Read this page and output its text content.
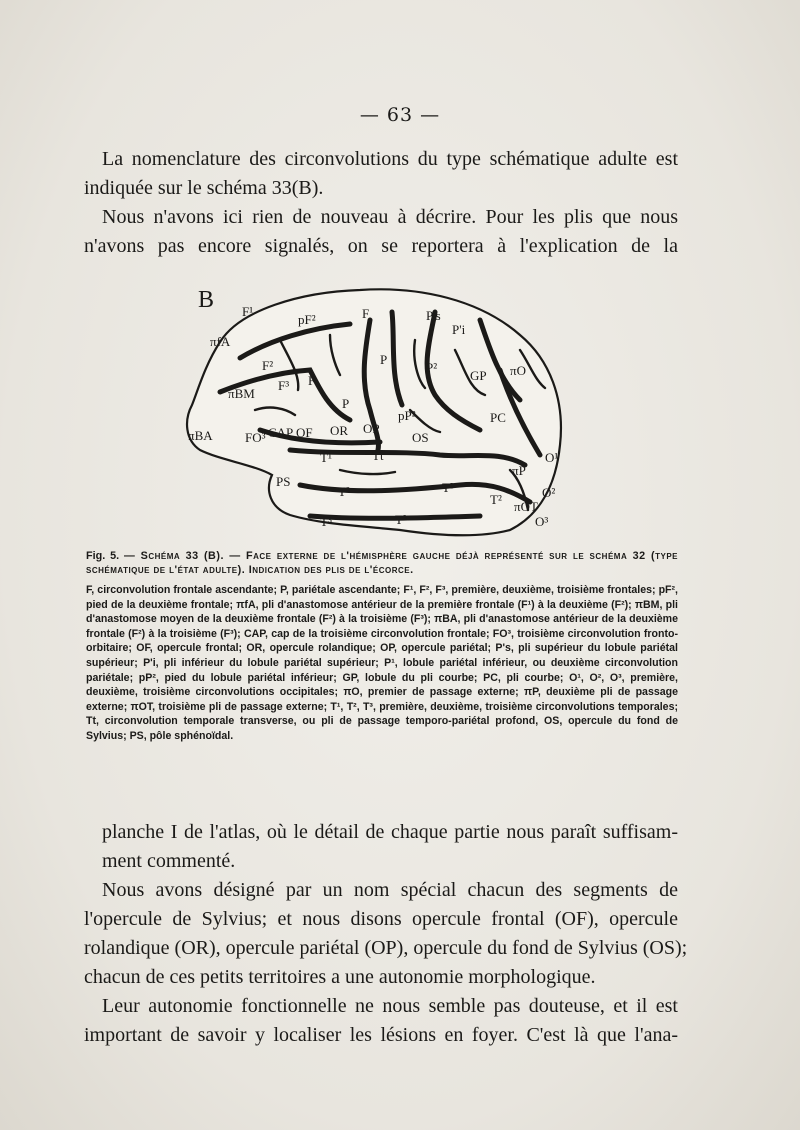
— 63 —
La nomenclature des circonvolutions du type schématique adulte est
indiquée sur le schéma 33(B).
Nous n'avons ici rien de nouveau à décrire. Pour les plis que nous
n'avons pas encore signalés, on se reportera à l'explication de la
B F¹
pF²	F	P's
P'i
πfA
F²	P
P²
GP πO
πBM
F³ F
P
pP²	PC
πBA FO³ CAP OF OR OP
OS
T¹	Tt	O¹
πP
PS
T²	T³
T² πOT
O²
T³	T³	O³
Fig. 5. — Schéma 33 (B). — Face externe de l'hémisphère gauche déjà représenté sur le schéma 32 (type schématique de l'état adulte). Indication des plis de l'écorce.
F, circonvolution frontale ascendante; P, pariétale ascendante; F¹, F², F³, première, deuxième, troisième frontales; pF², pied de la deuxième frontale; πfA, pli d'anastomose antérieur de la première frontale (F¹) à la deuxième (F²); πBM, pli d'anastomose moyen de la deuxième frontale (F²) à la troisième (F³); πBA, pli d'anastomose antérieur de la deuxième frontale (F²) à la troisième (F³); CAP, cap de la troisième circonvolution frontale; FO³, troisième circonvolution fronto-orbitaire; OF, opercule frontal; OR, opercule rolandique; OP, opercule pariétal; P's, pli supérieur du lobule pariétal supérieur; P'i, pli inférieur du lobule pariétal supérieur; P¹, lobule pariétal inférieur, ou deuxième circonvolution pariétale; pP², pied du lobule pariétal inférieur; GP, lobule du pli courbe; PC, pli courbe; O¹, O², O³, première, deuxième, troisième circonvolutions occipitales; πO, premier de passage externe; πP, deuxième pli de passage externe; πOT, troisième pli de passage externe; T¹, T², T³, première, deuxième, troisième circonvolutions temporales; Tt, circonvolution temporale transverse, ou pli de passage temporo-pariétal profond, OS, opercule du fond de Sylvius; PS, pôle sphénoïdal.
planche I de l'atlas, où le détail de chaque partie nous paraît suffisam-
ment commenté.
Nous avons désigné par un nom spécial chacun des segments de
l'opercule de Sylvius; et nous disons opercule frontal (OF), opercule
rolandique (OR), opercule pariétal (OP), opercule du fond de Sylvius (OS);
chacun de ces petits territoires a une autonomie morphologique.
Leur autonomie fonctionnelle ne nous semble pas douteuse, et il est
important de savoir y localiser les lésions en foyer. C'est là que l'ana-
